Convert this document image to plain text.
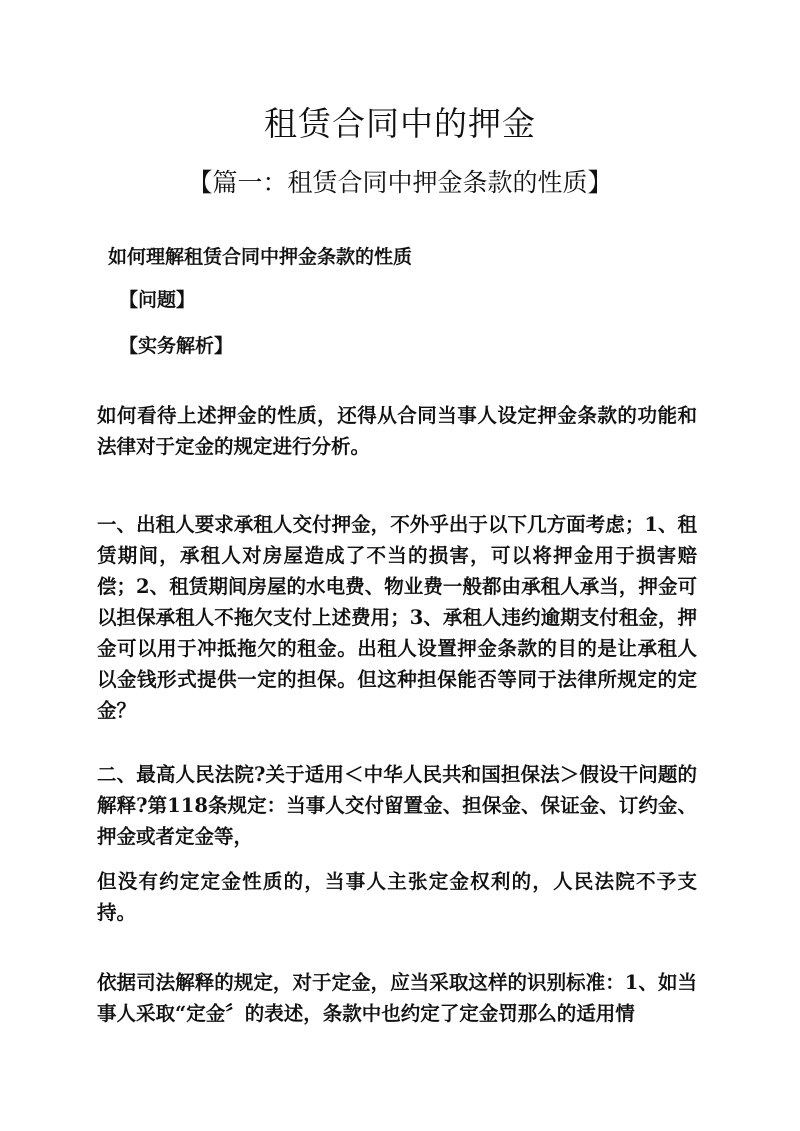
租赁合同中的押金
【篇一：租赁合同中押金条款的性质】

如何理解租赁合同中押金条款的性质

【问题】

【实务解析】

如何看待上述押金的性质，还得从合同当事人设定押金条款的功能和法律对于定金的规定进行分析。

一、出租人要求承租人交付押金，不外乎出于以下几方面考虑；1、租赁期间，承租人对房屋造成了不当的损害，可以将押金用于损害赔偿；2、租赁期间房屋的水电费、物业费一般都由承租人承当，押金可以担保承租人不拖欠支付上述费用；3、承租人违约逾期支付租金，押金可以用于冲抵拖欠的租金。出租人设置押金条款的目的是让承租人以金钱形式提供一定的担保。但这种担保能否等同于法律所规定的定金？

二、最高人民法院?关于适用＜中华人民共和国担保法＞假设干问题的解释?第118条规定：当事人交付留置金、担保金、保证金、订约金、押金或者定金等，

但没有约定定金性质的，当事人主张定金权利的，人民法院不予支持。

依据司法解释的规定，对于定金，应当采取这样的识别标准：1、如当事人采取“定金〞的表述，条款中也约定了定金罚那么的适用情
